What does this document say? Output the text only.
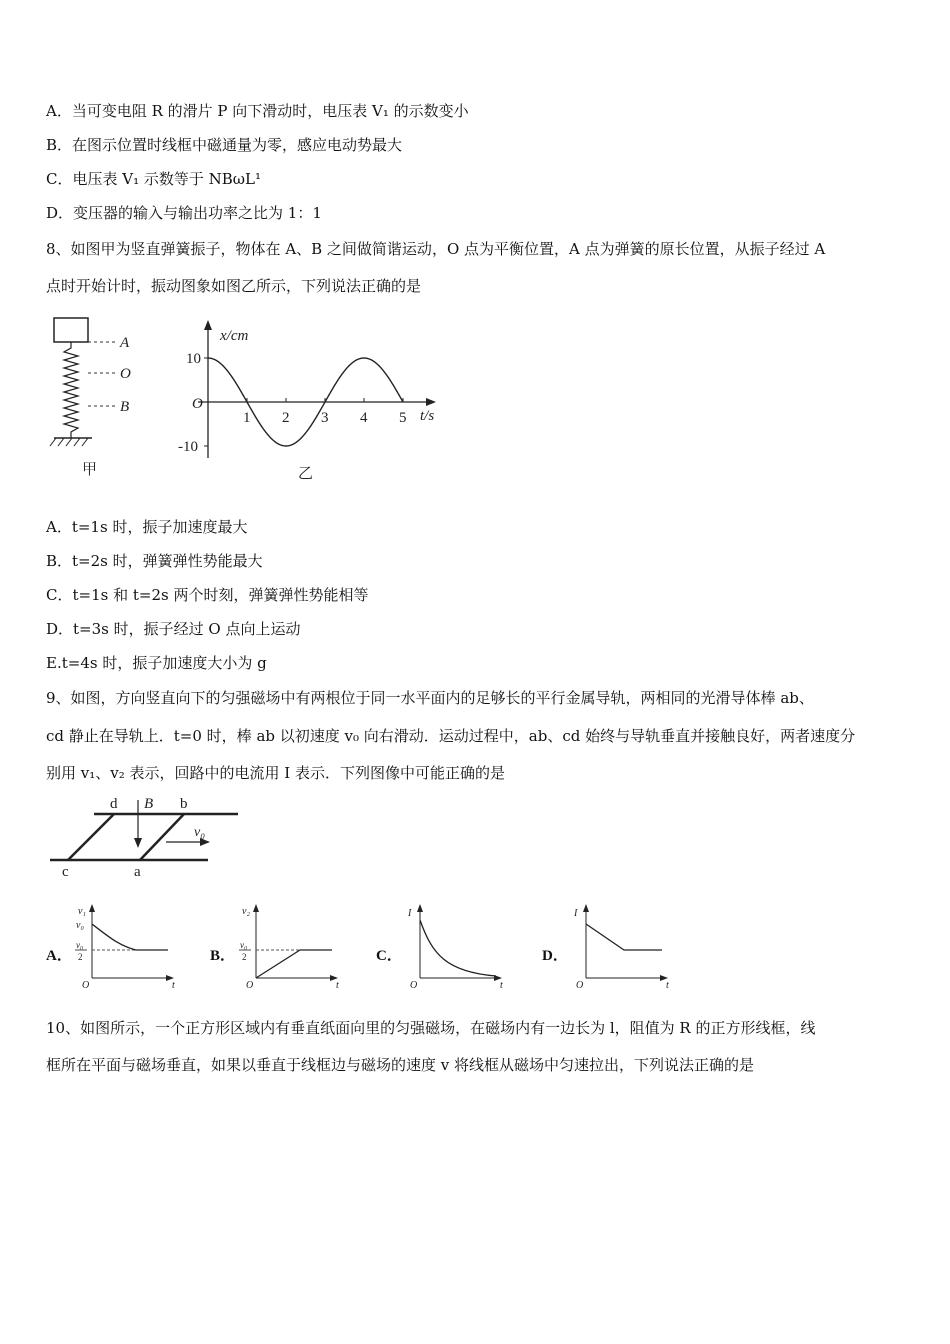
A．当可变电阻 R 的滑片 P 向下滑动时，电压表 V₁ 的示数变小
B．在图示位置时线框中磁通量为零，感应电动势最大
C．电压表 V₁ 示数等于 NBωL¹
D．变压器的输入与输出功率之比为 1：1
8、如图甲为竖直弹簧振子，物体在 A、B 之间做简谐运动，O 点为平衡位置，A 点为弹簧的原长位置，从振子经过 A
点时开始计时，振动图象如图乙所示，下列说法正确的是
A
O
B
甲
x/cm
t/s
O
10
-10
1 2 3 4 5
乙
A．t=1s 时，振子加速度最大
B．t=2s 时，弹簧弹性势能最大
C．t=1s 和 t=2s 两个时刻，弹簧弹性势能相等
D．t=3s 时，振子经过 O 点向上运动
E.t=4s 时，振子加速度大小为 g
9、如图，方向竖直向下的匀强磁场中有两根位于同一水平面内的足够长的平行金属导轨，两相同的光滑导体棒 ab、
cd 静止在导轨上．t=0 时，棒 ab 以初速度 v₀ 向右滑动．运动过程中，ab、cd 始终与导轨垂直并接触良好，两者速度分
别用 v₁、v₂ 表示，回路中的电流用 I 表示．下列图像中可能正确的是
d B b
v₀
c	a
A．
v₁
v₀
v₀
2
O	t
B．
v₂
v₀
2
O	t
C．
I
O	t
D．
I
O	t
10、如图所示，一个正方形区域内有垂直纸面向里的匀强磁场，在磁场内有一边长为 l，阻值为 R 的正方形线框，线
框所在平面与磁场垂直，如果以垂直于线框边与磁场的速度 v 将线框从磁场中匀速拉出，下列说法正确的是
